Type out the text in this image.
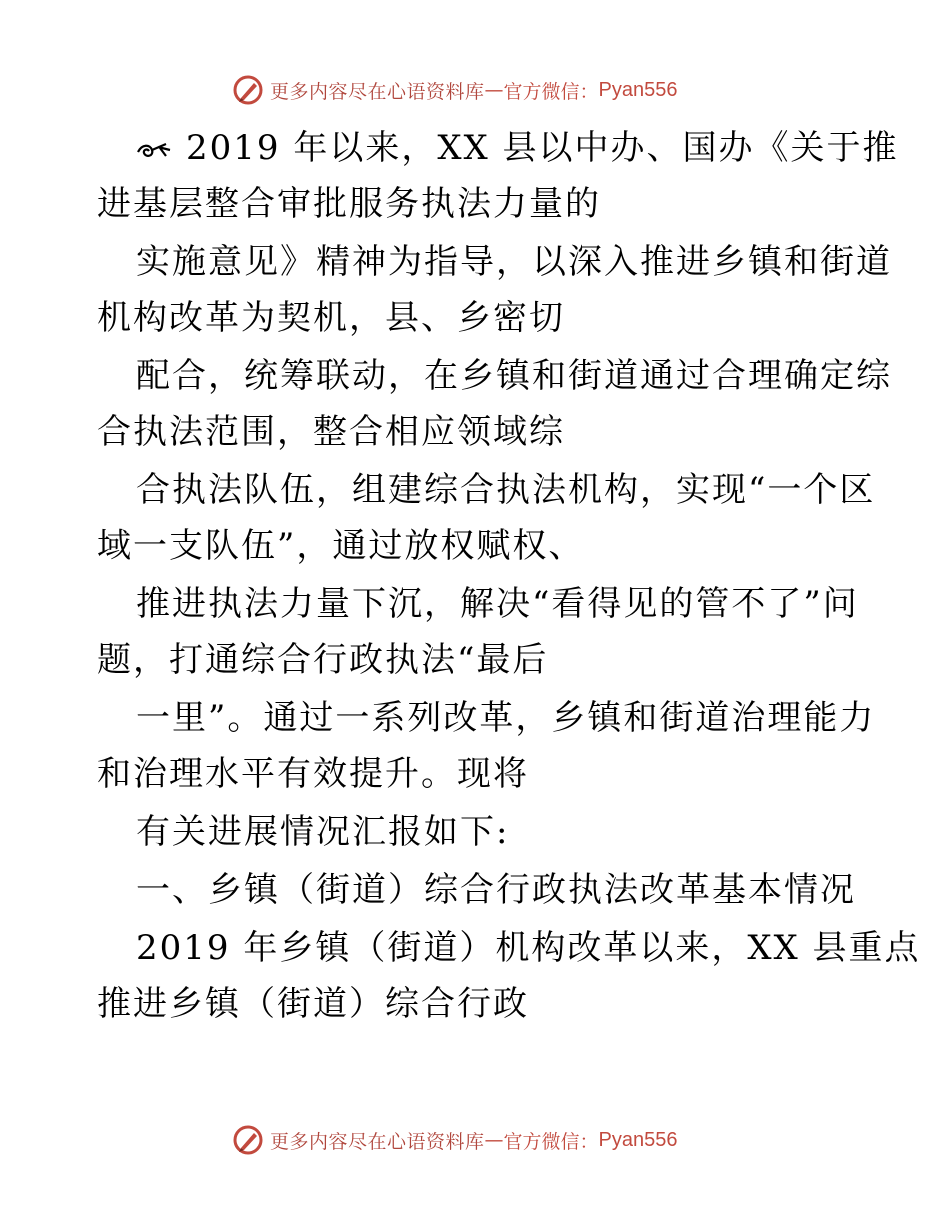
更多内容尽在心语资料库 — 官方微信： Pyan556
2019 年以来，XX 县以中办、国办《关于推
进基层整合审批服务执法力量的
实施意见》精神为指导，以深入推进乡镇和街道
机构改革为契机，县、乡密切
配合，统筹联动，在乡镇和街道通过合理确定综
合执法范围，整合相应领域综
合执法队伍，组建综合执法机构，实现“一个区
域一支队伍”，通过放权赋权、
推进执法力量下沉，解决“看得见的管不了”问
题，打通综合行政执法“最后
一里”。通过一系列改革，乡镇和街道治理能力
和治理水平有效提升。现将
有关进展情况汇报如下:
一、乡镇（街道）综合行政执法改革基本情况
2019 年乡镇（街道）机构改革以来，XX 县重点
推进乡镇（街道）综合行政
更多内容尽在心语资料库 — 官方微信： Pyan556
